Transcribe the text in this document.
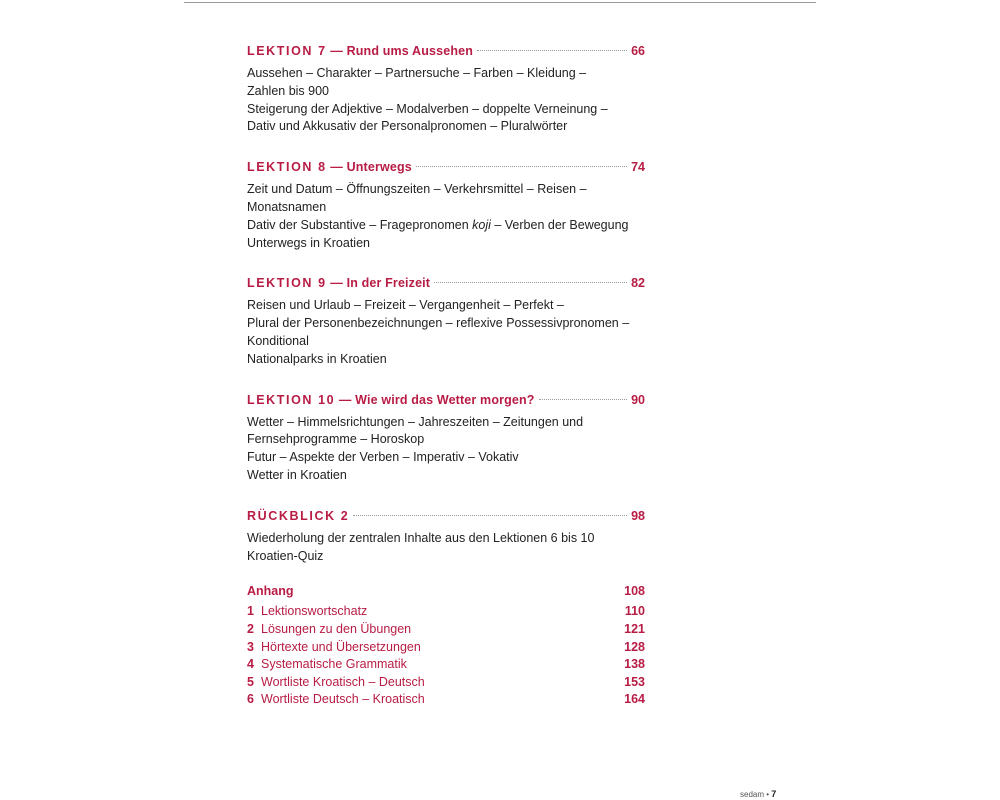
LEKTION 7 — Rund ums Aussehen	66

Aussehen – Charakter – Partnersuche – Farben – Kleidung –

Zahlen bis 900

Steigerung der Adjektive – Modalverben – doppelte Verneinung –

Dativ und Akkusativ der Personalpronomen – Pluralwörter

LEKTION 8 — Unterwegs	74

Zeit und Datum – Öffnungszeiten – Verkehrsmittel – Reisen –

Monatsnamen

Dativ der Substantive – Fragepronomen koji – Verben der Bewegung

Unterwegs in Kroatien

LEKTION 9 — In der Freizeit	82

Reisen und Urlaub – Freizeit – Vergangenheit – Perfekt –

Plural der Personenbezeichnungen – reflexive Possessivpronomen –

Konditional

Nationalparks in Kroatien

LEKTION 10 — Wie wird das Wetter morgen?	90

Wetter – Himmelsrichtungen – Jahreszeiten – Zeitungen und

Fernsehprogramme – Horoskop

Futur – Aspekte der Verben – Imperativ – Vokativ

Wetter in Kroatien

RÜCKBLICK 2	98

Wiederholung der zentralen Inhalte aus den Lektionen 6 bis 10

Kroatien-Quiz

Anhang	108
1 Lektionswortschatz	110
2 Lösungen zu den Übungen	121
3 Hörtexte und Übersetzungen	128
4 Systematische Grammatik	138
5 Wortliste Kroatisch – Deutsch	153
6 Wortliste Deutsch – Kroatisch	164
sedam • 7
